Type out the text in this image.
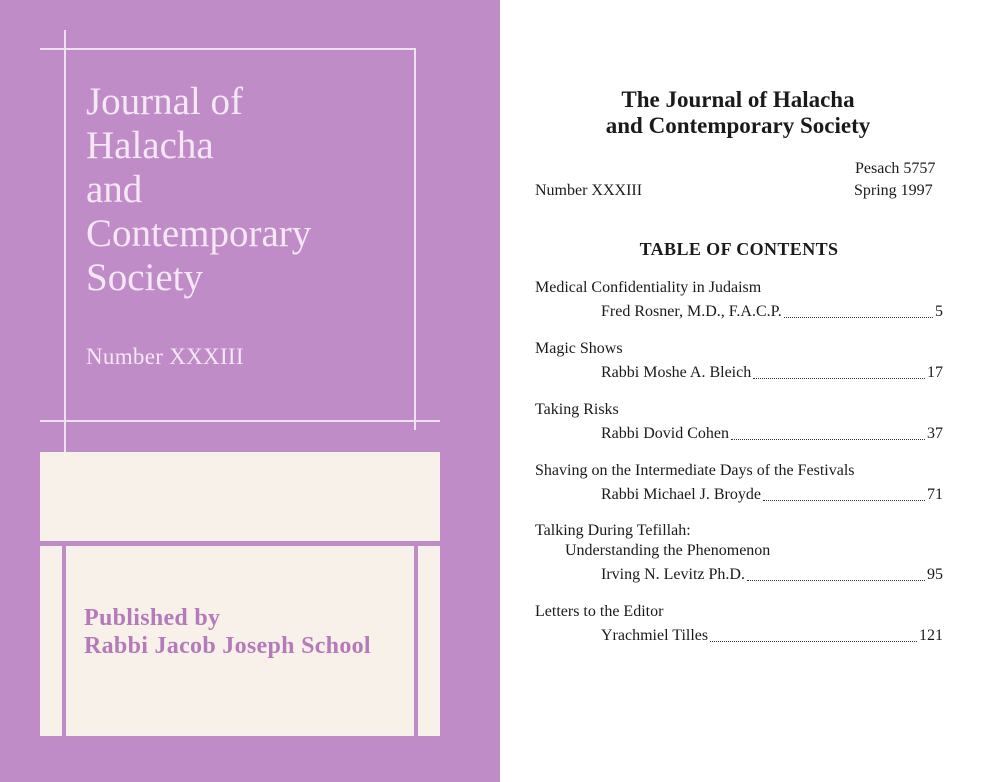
Journal of
Halacha
and
Contemporary
Society
Number XXXIII
Published by
Rabbi Jacob Joseph School
The Journal of Halacha
and Contemporary Society
Pesach 5757
Number XXXIII	Spring 1997
TABLE OF CONTENTS
Medical Confidentiality in Judaism
Fred Rosner, M.D., F.A.C.P.	5
Magic Shows
Rabbi Moshe A. Bleich	17
Taking Risks
Rabbi Dovid Cohen	37
Shaving on the Intermediate Days of the Festivals
Rabbi Michael J. Broyde	71
Talking During Tefillah:
Understanding the Phenomenon
Irving N. Levitz Ph.D.	95
Letters to the Editor
Yrachmiel Tilles	121
